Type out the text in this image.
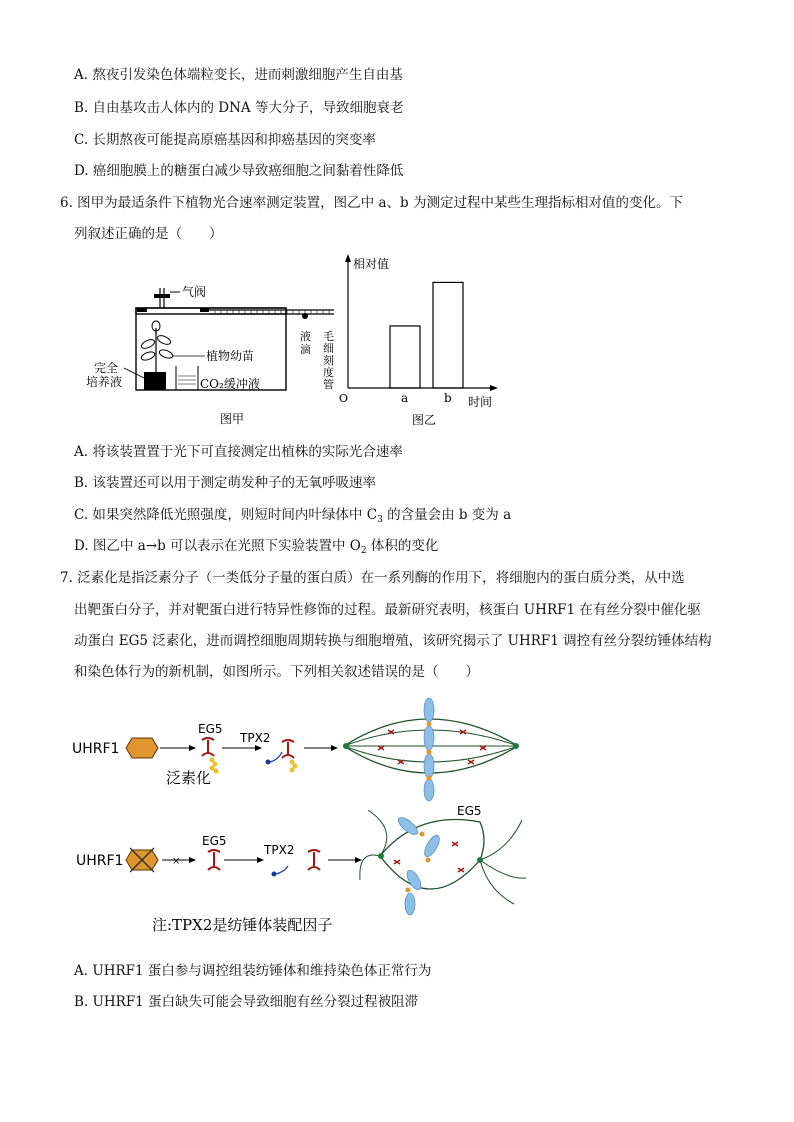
A. 熬夜引发染色体端粒变长，进而刺激细胞产生自由基
B. 自由基攻击人体内的 DNA 等大分子，导致细胞衰老
C. 长期熬夜可能提高原癌基因和抑癌基因的突变率
D. 癌细胞膜上的糖蛋白减少导致癌细胞之间黏着性降低
6. 图甲为最适条件下植物光合速率测定装置，图乙中 a、b 为测定过程中某些生理指标相对值的变化。下
列叙述正确的是（　　）
气阀
液
滴
毛
细
刻
度
管
植物幼苗
CO₂缓冲液
完全
培养液
图甲
相对值
O	时间
a	b
图乙
A. 将该装置置于光下可直接测定出植株的实际光合速率
B. 该装置还可以用于测定萌发种子的无氧呼吸速率
C. 如果突然降低光照强度，则短时间内叶绿体中 $C_3$ 的含量会由 b 变为 a
D. 图乙中 a→b 可以表示在光照下实验装置中 $O_2$ 体积的变化
7. 泛素化是指泛素分子（一类低分子量的蛋白质）在一系列酶的作用下，将细胞内的蛋白质分类，从中选
出靶蛋白分子，并对靶蛋白进行特异性修饰的过程。最新研究表明，核蛋白 UHRF1 在有丝分裂中催化驱
动蛋白 EG5 泛素化，进而调控细胞周期转换与细胞增殖，该研究揭示了 UHRF1 调控有丝分裂纺锤体结构
和染色体行为的新机制，如图所示。下列相关叙述错误的是（　　）
UHRF1
EG5
泛素化
TPX2
UHRF1	×
EG5
TPX2
EG5
注:TPX2是纺锤体装配因子
A. UHRF1 蛋白参与调控组装纺锤体和维持染色体正常行为
B. UHRF1 蛋白缺失可能会导致细胞有丝分裂过程被阻滞
